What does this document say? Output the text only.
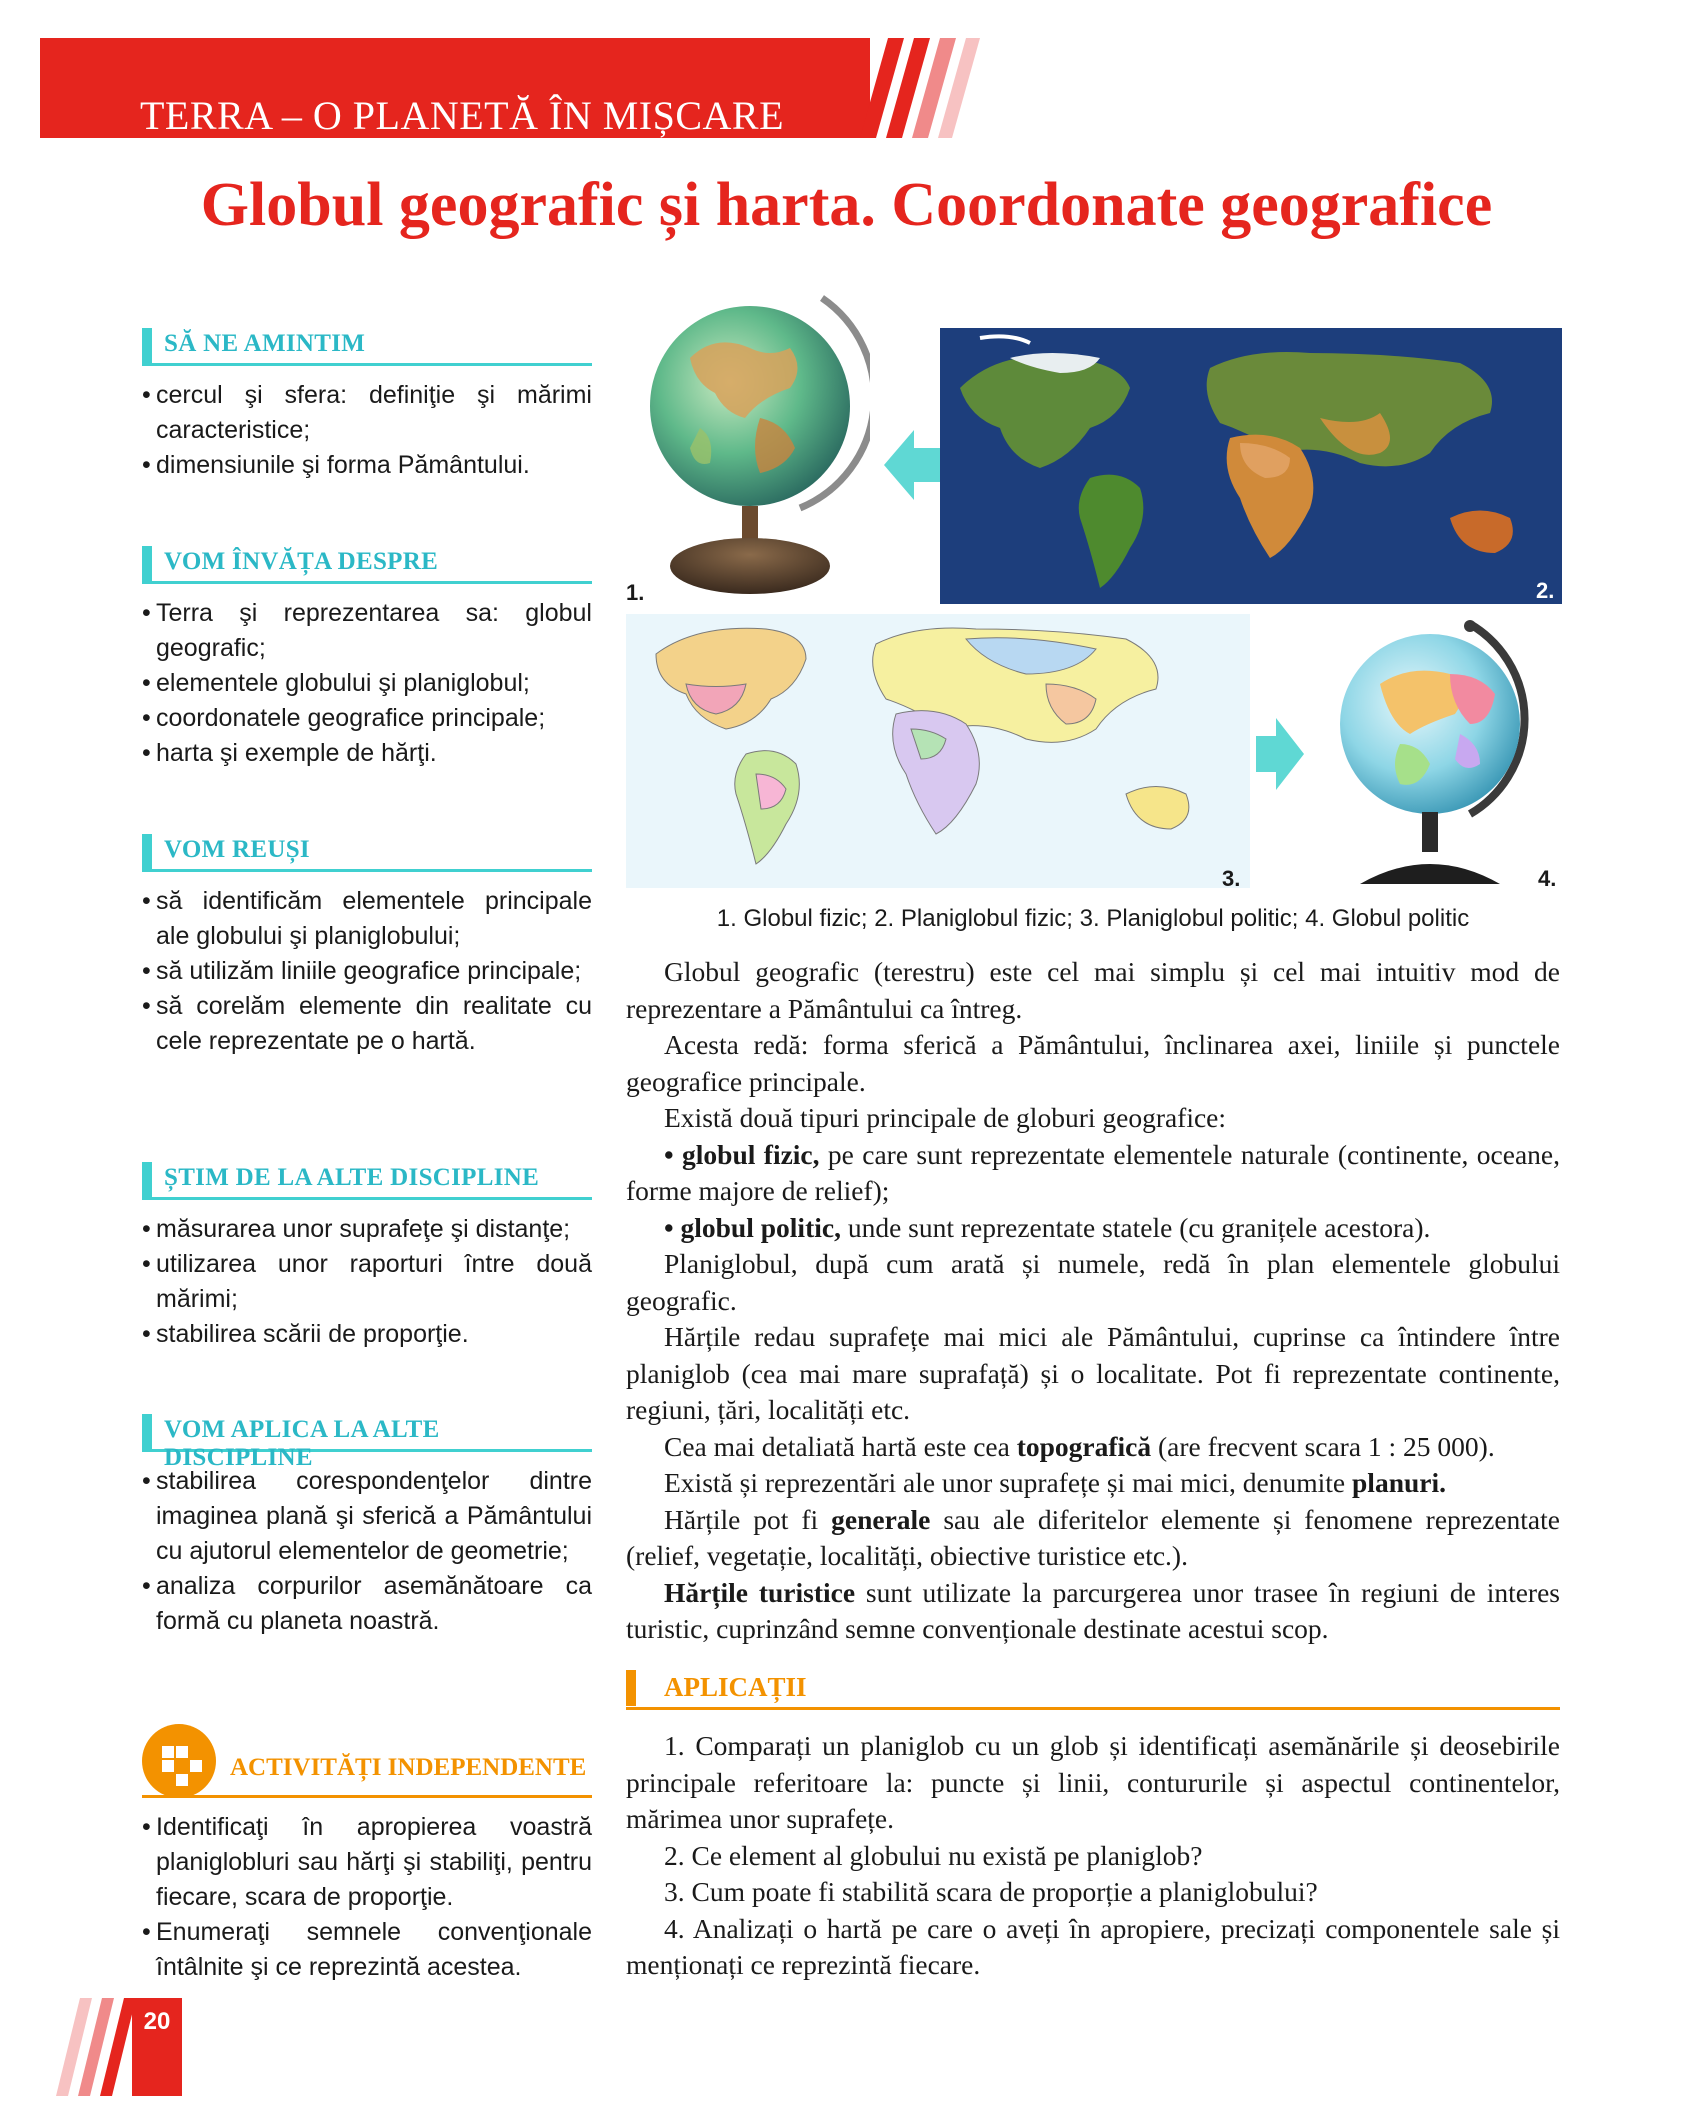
TERRA – O PLANETĂ ÎN MIȘCARE
Globul geografic și harta. Coordonate geografice
SĂ NE AMINTIM
• cercul şi sfera: definiţie şi mărimi caracteristice;
• dimensiunile şi forma Pământului.
VOM ÎNVĂȚA DESPRE
• Terra şi reprezentarea sa: globul geografic;
• elementele globului şi planiglobul;
• coordonatele geografice principale;
• harta şi exemple de hărţi.
VOM REUȘI
• să identificăm elementele principale ale globului şi planiglobului;
• să utilizăm liniile geografice principale;
• să corelăm elemente din realitate cu cele reprezentate pe o hartă.
ȘTIM DE LA ALTE DISCIPLINE
• măsurarea unor suprafeţe şi distanţe;
• utilizarea unor raporturi între două mărimi;
• stabilirea scării de proporţie.
VOM APLICA LA ALTE DISCIPLINE
• stabilirea corespondenţelor dintre imaginea plană şi sferică a Pământului cu ajutorul elementelor de geometrie;
• analiza corpurilor asemănătoare ca formă cu planeta noastră.
ACTIVITĂȚI INDEPENDENTE
• Identificaţi în apropierea voastră planiglobluri sau hărţi şi stabiliţi, pentru fiecare, scara de proporţie.
• Enumeraţi semnele convenţionale întâlnite şi ce reprezintă acestea.
1.	2.
3.	4.
1. Globul fizic; 2. Planiglobul fizic; 3. Planiglobul politic; 4. Globul politic

Globul geografic (terestru) este cel mai simplu și cel mai intuitiv mod de reprezentare a Pământului ca întreg.

Acesta redă: forma sferică a Pământului, înclinarea axei, liniile și punctele geografice principale.

Există două tipuri principale de globuri geografice:

• globul fizic, pe care sunt reprezentate elementele naturale (continente, oceane, forme majore de relief);

• globul politic, unde sunt reprezentate statele (cu granițele acestora).

Planiglobul, după cum arată și numele, redă în plan elementele globului geografic.

Hărțile redau suprafețe mai mici ale Pământului, cuprinse ca întindere între planiglob (cea mai mare suprafață) și o localitate. Pot fi reprezentate continente, regiuni, țări, localități etc.

Cea mai detaliată hartă este cea topografică (are frecvent scara 1 : 25 000).

Există și reprezentări ale unor suprafețe și mai mici, denumite planuri.

Hărțile pot fi generale sau ale diferitelor elemente și fenomene reprezentate (relief, vegetație, localități, obiective turistice etc.).

Hărțile turistice sunt utilizate la parcurgerea unor trasee în regiuni de interes turistic, cuprinzând semne convenționale destinate acestui scop.

APLICAȚII

1. Comparați un planiglob cu un glob și identificați asemănările și deosebirile principale referitoare la: puncte și linii, contururile și aspectul continentelor, mărimea unor suprafețe.

2. Ce element al globului nu există pe planiglob?

3. Cum poate fi stabilită scara de proporție a planiglobului?

4. Analizați o hartă pe care o aveți în apropiere, precizați componentele sale și menționați ce reprezintă fiecare.

20
